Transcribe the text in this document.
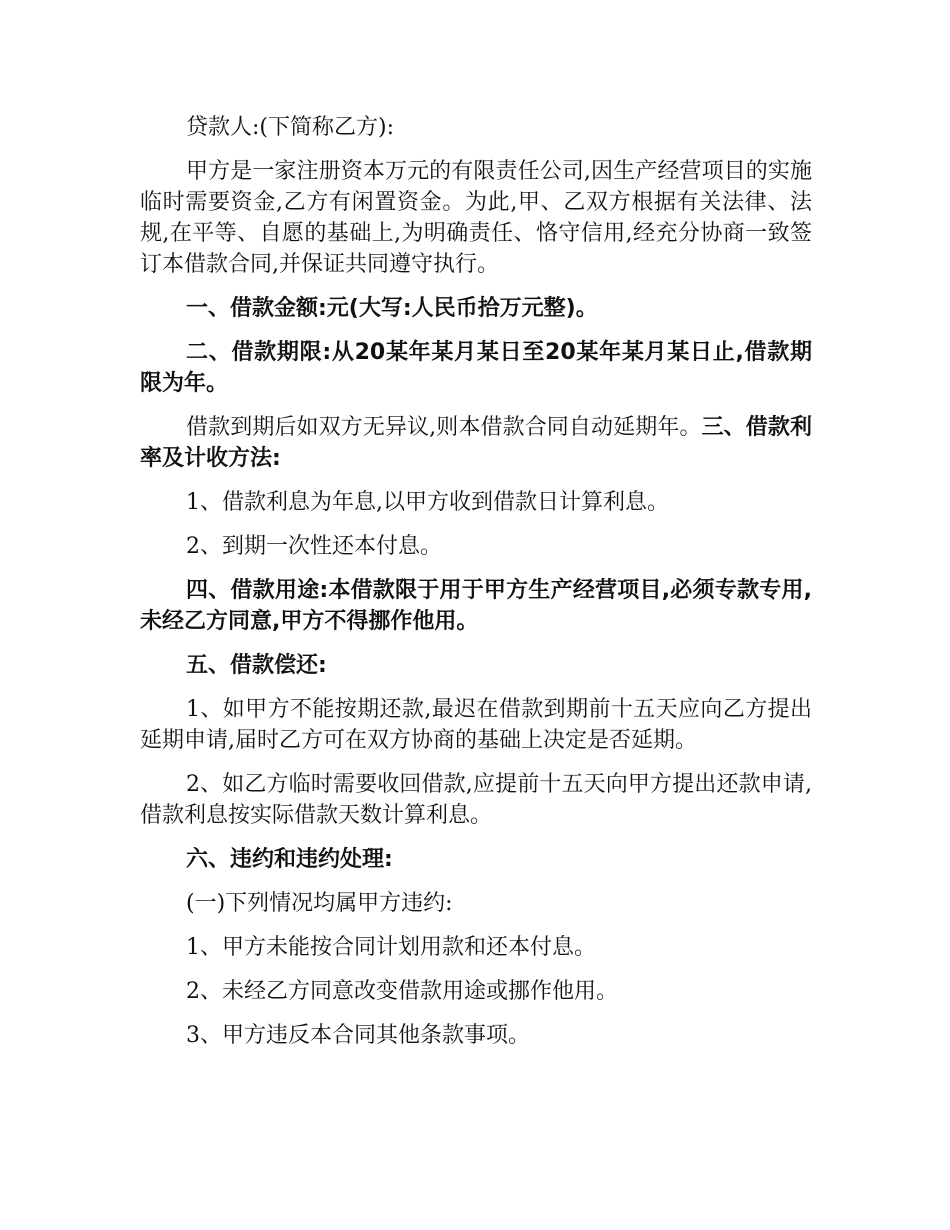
贷款人:(下简称乙方):

甲方是一家注册资本万元的有限责任公司,因生产经营项目的实施临时需要资金,乙方有闲置资金。为此,甲、乙双方根据有关法律、法规,在平等、自愿的基础上,为明确责任、恪守信用,经充分协商一致签订本借款合同,并保证共同遵守执行。

一、借款金额:元(大写:人民币拾万元整)。

二、借款期限:从20某年某月某日至20某年某月某日止,借款期限为年。

借款到期后如双方无异议,则本借款合同自动延期年。三、借款利率及计收方法:

1、借款利息为年息,以甲方收到借款日计算利息。

2、到期一次性还本付息。

四、借款用途:本借款限于用于甲方生产经营项目,必须专款专用,未经乙方同意,甲方不得挪作他用。

五、借款偿还:

1、如甲方不能按期还款,最迟在借款到期前十五天应向乙方提出延期申请,届时乙方可在双方协商的基础上决定是否延期。

2、如乙方临时需要收回借款,应提前十五天向甲方提出还款申请,借款利息按实际借款天数计算利息。

六、违约和违约处理:

(一)下列情况均属甲方违约:

1、甲方未能按合同计划用款和还本付息。

2、未经乙方同意改变借款用途或挪作他用。

3、甲方违反本合同其他条款事项。
